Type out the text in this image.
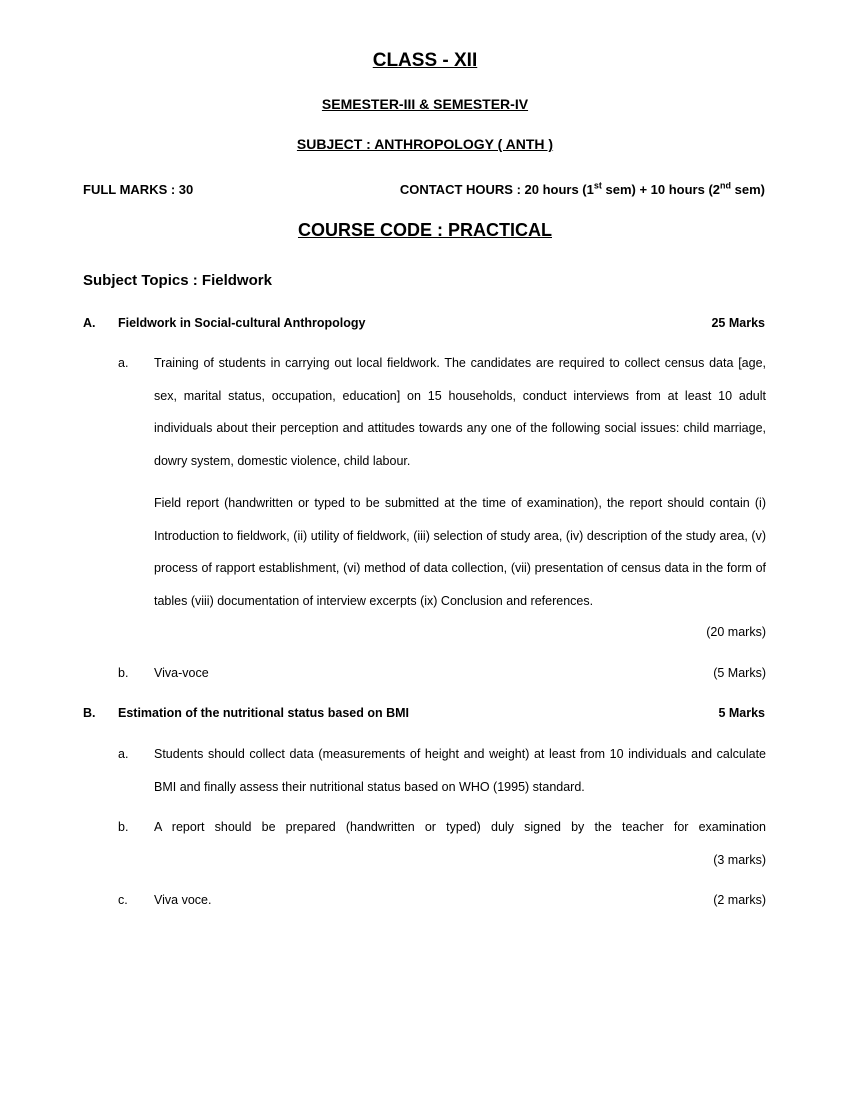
CLASS - XII
SEMESTER-III & SEMESTER-IV
SUBJECT : ANTHROPOLOGY ( ANTH )
FULL MARKS : 30	CONTACT HOURS : 20 hours (1st sem) + 10 hours (2nd sem)
COURSE CODE : PRACTICAL
Subject Topics : Fieldwork
A. Fieldwork in Social-cultural Anthropology	25 Marks
a. Training of students in carrying out local fieldwork. The candidates are required to collect census data [age, sex, marital status, occupation, education] on 15 households, conduct interviews from at least 10 adult individuals about their perception and attitudes towards any one of the following social issues: child marriage, dowry system, domestic violence, child labour.
Field report (handwritten or typed to be submitted at the time of examination), the report should contain (i) Introduction to fieldwork, (ii) utility of fieldwork, (iii) selection of study area, (iv) description of the study area, (v) process of rapport establishment, (vi) method of data collection, (vii) presentation of census data in the form of tables (viii) documentation of interview excerpts (ix) Conclusion and references.
(20 marks)
b. Viva-voce	(5 Marks)
B. Estimation of the nutritional status based on BMI	5 Marks
a. Students should collect data (measurements of height and weight) at least from 10 individuals and calculate BMI and finally assess their nutritional status based on WHO (1995) standard.
b. A report should be prepared (handwritten or typed) duly signed by the teacher for examination
(3 marks)
c. Viva voce.	(2 marks)
